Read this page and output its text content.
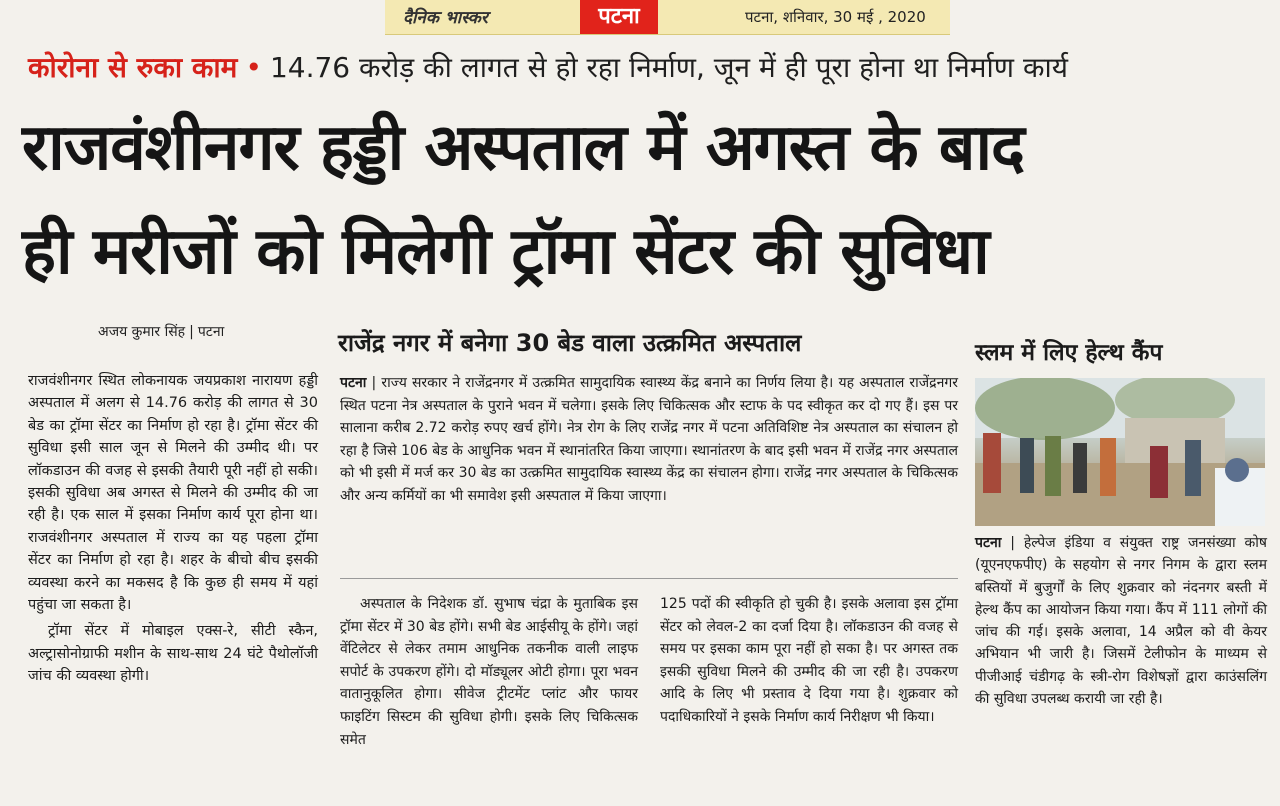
दैनिक भास्कर	पटना	पटना, शनिवार, 30 मई , 2020
कोरोना से रुका काम • 14.76 करोड़ की लागत से हो रहा निर्माण, जून में ही पूरा होना था निर्माण कार्य
राजवंशीनगर हड्डी अस्पताल में अगस्त के बाद
ही मरीजों को मिलेगी ट्रॉमा सेंटर की सुविधा
अजय कुमार सिंह | पटना

राजवंशीनगर स्थित लोकनायक जयप्रकाश नारायण हड्डी अस्पताल में अलग से 14.76 करोड़ की लागत से 30 बेड का ट्रॉमा सेंटर का निर्माण हो रहा है। ट्रॉमा सेंटर की सुविधा इसी साल जून से मिलने की उम्मीद थी। पर लॉकडाउन की वजह से इसकी तैयारी पूरी नहीं हो सकी। इसकी सुविधा अब अगस्त से मिलने की उम्मीद की जा रही है। एक साल में इसका निर्माण कार्य पूरा होना था। राजवंशीनगर अस्पताल में राज्य का यह पहला ट्रॉमा सेंटर का निर्माण हो रहा है। शहर के बीचो बीच इसकी व्यवस्था करने का मकसद है कि कुछ ही समय में यहां पहुंचा जा सकता है।

ट्रॉमा सेंटर में मोबाइल एक्स-रे, सीटी स्कैन, अल्ट्रासोनोग्राफी मशीन के साथ-साथ 24 घंटे पैथोलॉजी जांच की व्यवस्था होगी।

राजेंद्र नगर में बनेगा 30 बेड वाला उत्क्रमित अस्पताल
पटना | राज्य सरकार ने राजेंद्रनगर में उत्क्रमित सामुदायिक स्वास्थ्य केंद्र बनाने का निर्णय लिया है। यह अस्पताल राजेंद्रनगर स्थित पटना नेत्र अस्पताल के पुराने भवन में चलेगा। इसके लिए चिकित्सक और स्टाफ के पद स्वीकृत कर दो गए हैं। इस पर सालाना करीब 2.72 करोड़ रुपए खर्च होंगे। नेत्र रोग के लिए राजेंद्र नगर में पटना अतिविशिष्ट नेत्र अस्पताल का संचालन हो रहा है जिसे 106 बेड के आधुनिक भवन में स्थानांतरित किया जाएगा। स्थानांतरण के बाद इसी भवन में राजेंद्र नगर अस्पताल को भी इसी में मर्ज कर 30 बेड का उत्क्रमित सामुदायिक स्वास्थ्य केंद्र का संचालन होगा। राजेंद्र नगर अस्पताल के चिकित्सक और अन्य कर्मियों का भी समावेश इसी अस्पताल में किया जाएगा।

अस्पताल के निदेशक डॉ. सुभाष चंद्रा के मुताबिक इस ट्रॉमा सेंटर में 30 बेड होंगे। सभी बेड आईसीयू के होंगे। जहां वेंटिलेटर से लेकर तमाम आधुनिक तकनीक वाली लाइफ सपोर्ट के उपकरण होंगे। दो मॉड्यूलर ओटी होगा। पूरा भवन वातानुकूलित होगा। सीवेज ट्रीटमेंट प्लांट और फायर फाइटिंग सिस्टम की सुविधा होगी। इसके लिए चिकित्सक समेत

125 पदों की स्वीकृति हो चुकी है। इसके अलावा इस ट्रॉमा सेंटर को लेवल-2 का दर्जा दिया है। लॉकडाउन की वजह से समय पर इसका काम पूरा नहीं हो सका है। पर अगस्त तक इसकी सुविधा मिलने की उम्मीद की जा रही है। उपकरण आदि के लिए भी प्रस्ताव दे दिया गया है। शुक्रवार को पदाधिकारियों ने इसके निर्माण कार्य निरीक्षण भी किया।

स्लम में लिए हेल्थ कैंप
पटना | हेल्पेज इंडिया व संयुक्त राष्ट्र जनसंख्या कोष (यूएनएफपीए) के सहयोग से नगर निगम के द्वारा स्लम बस्तियों में बुजुर्गों के लिए शुक्रवार को नंदनगर बस्ती में हेल्थ कैंप का आयोजन किया गया। कैंप में 111 लोगों की जांच की गई। इसके अलावा, 14 अप्रैल को वी केयर अभियान भी जारी है। जिसमें टेलीफोन के माध्यम से पीजीआई चंडीगढ़ के स्त्री-रोग विशेषज्ञों द्वारा काउंसलिंग की सुविधा उपलब्ध करायी जा रही है।
